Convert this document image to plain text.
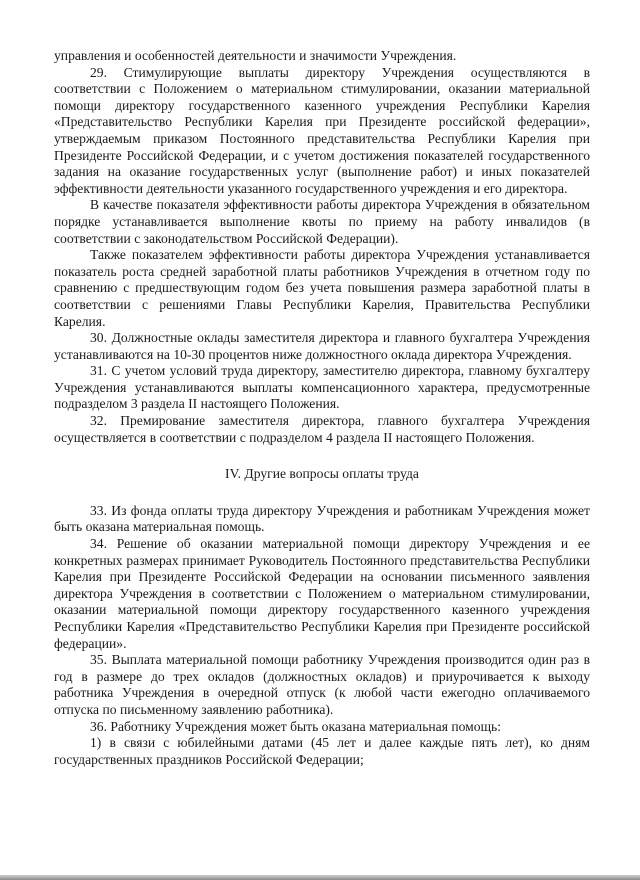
управления и особенностей деятельности и значимости Учреждения.

29. Стимулирующие выплаты директору Учреждения осуществляются в соответствии с Положением о материальном стимулировании, оказании материальной помощи директору государственного казенного учреждения Республики Карелия «Представительство Республики Карелия при Президенте российской федерации», утверждаемым приказом Постоянного представительства Республики Карелия при Президенте Российской Федерации, и с учетом достижения показателей государственного задания на оказание государственных услуг (выполнение работ) и иных показателей эффективности деятельности указанного государственного учреждения и его директора.

В качестве показателя эффективности работы директора Учреждения в обязательном порядке устанавливается выполнение квоты по приему на работу инвалидов (в соответствии с законодательством Российской Федерации).

Также показателем эффективности работы директора Учреждения устанавливается показатель роста средней заработной платы работников Учреждения в отчетном году по сравнению с предшествующим годом без учета повышения размера заработной платы в соответствии с решениями Главы Республики Карелия, Правительства Республики Карелия.

30. Должностные оклады заместителя директора и главного бухгалтера Учреждения устанавливаются на 10-30 процентов ниже должностного оклада директора Учреждения.

31. С учетом условий труда директору, заместителю директора, главному бухгалтеру Учреждения устанавливаются выплаты компенсационного характера, предусмотренные подразделом 3 раздела II настоящего Положения.

32. Премирование заместителя директора, главного бухгалтера Учреждения осуществляется в соответствии с подразделом 4 раздела II настоящего Положения.

IV. Другие вопросы оплаты труда

33. Из фонда оплаты труда директору Учреждения и работникам Учреждения может быть оказана материальная помощь.

34. Решение об оказании материальной помощи директору Учреждения и ее конкретных размерах принимает Руководитель Постоянного представительства Республики Карелия при Президенте Российской Федерации на основании письменного заявления директора Учреждения в соответствии с Положением о материальном стимулировании, оказании материальной помощи директору государственного казенного учреждения Республики Карелия «Представительство Республики Карелия при Президенте российской федерации».

35. Выплата материальной помощи работнику Учреждения производится один раз в год в размере до трех окладов (должностных окладов) и приурочивается к выходу работника Учреждения в очередной отпуск (к любой части ежегодно оплачиваемого отпуска по письменному заявлению работника).

36. Работнику Учреждения может быть оказана материальная помощь:

1) в связи с юбилейными датами (45 лет и далее каждые пять лет), ко дням государственных праздников Российской Федерации;
